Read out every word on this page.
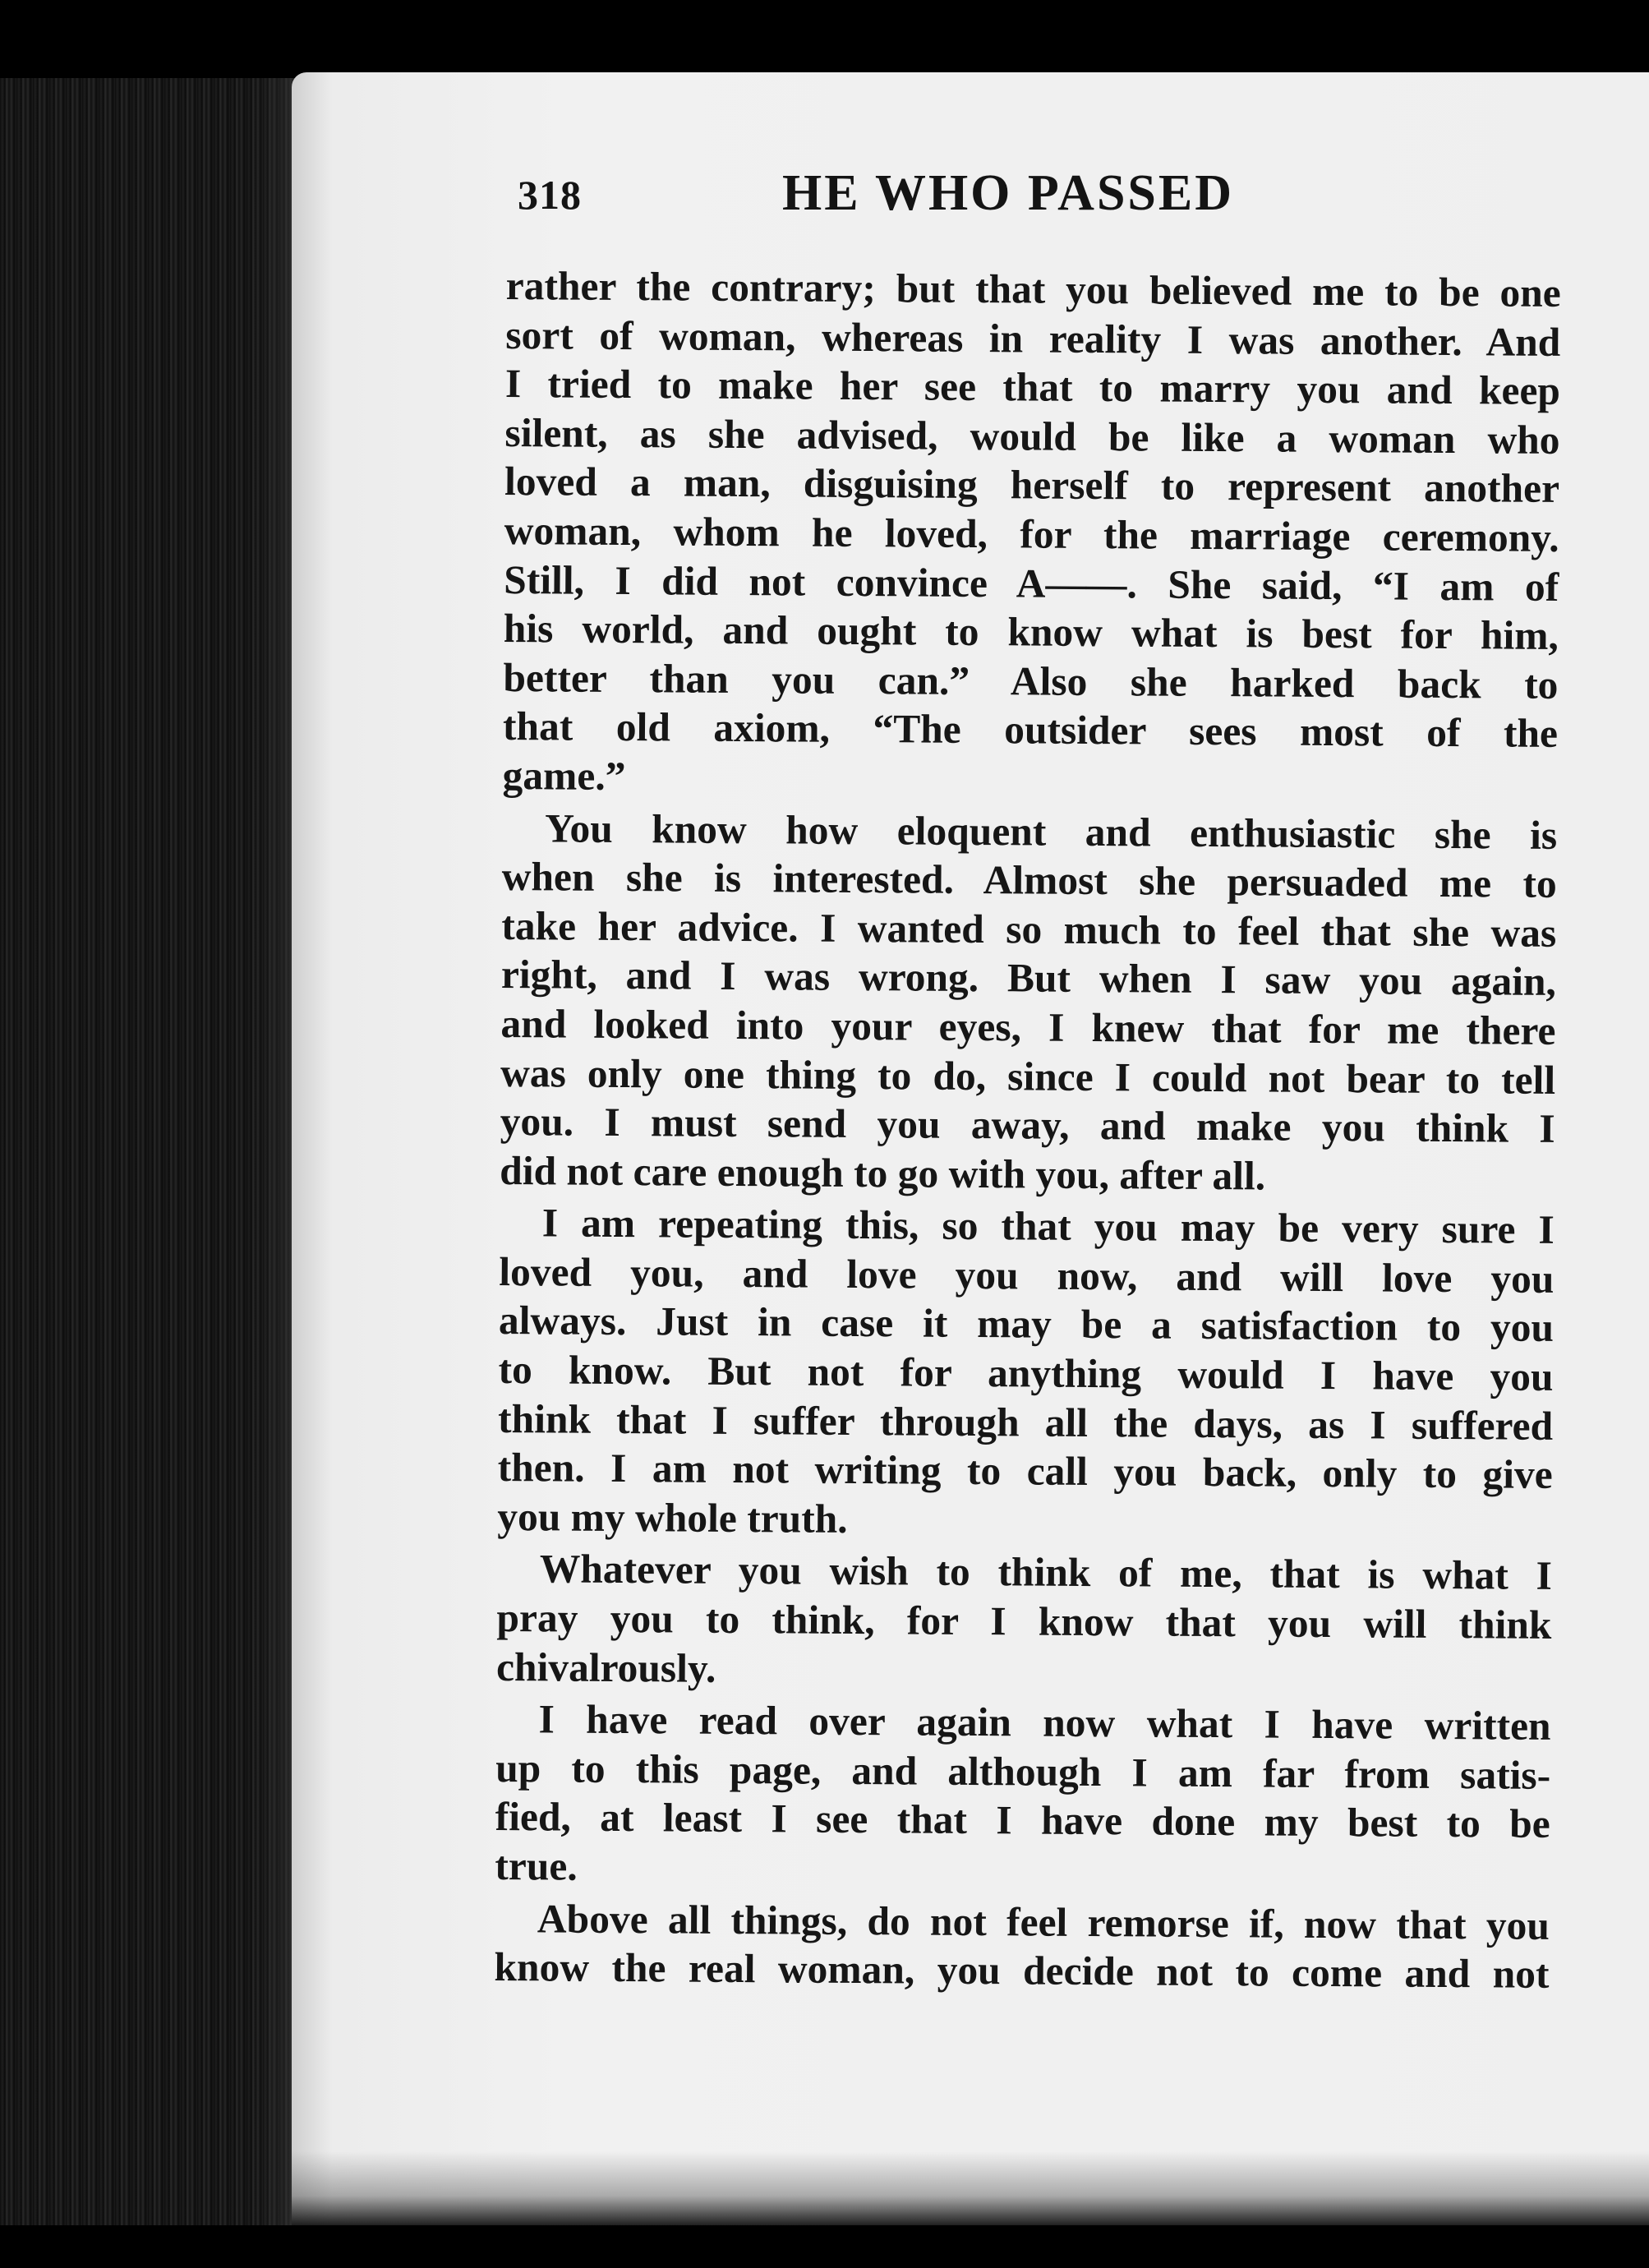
318	HE WHO PASSED
rather the contrary; but that you believed me to be one
sort of woman, whereas in reality I was another. And
I tried to make her see that to marry you and keep
silent, as she advised, would be like a woman who
loved a man, disguising herself to represent another
woman, whom he loved, for the marriage ceremony.
Still, I did not convince A——. She said, “I am of
his world, and ought to know what is best for him,
better than you can.” Also she harked back to
that old axiom, “The outsider sees most of the
game.”
You know how eloquent and enthusiastic she is
when she is interested. Almost she persuaded me to
take her advice. I wanted so much to feel that she was
right, and I was wrong. But when I saw you again,
and looked into your eyes, I knew that for me there
was only one thing to do, since I could not bear to tell
you. I must send you away, and make you think I
did not care enough to go with you, after all.
I am repeating this, so that you may be very sure I
loved you, and love you now, and will love you
always. Just in case it may be a satisfaction to you
to know. But not for anything would I have you
think that I suffer through all the days, as I suffered
then. I am not writing to call you back, only to give
you my whole truth.
Whatever you wish to think of me, that is what I
pray you to think, for I know that you will think
chivalrously.
I have read over again now what I have written
up to this page, and although I am far from satis-
fied, at least I see that I have done my best to be
true.
Above all things, do not feel remorse if, now that you
know the real woman, you decide not to come and not
